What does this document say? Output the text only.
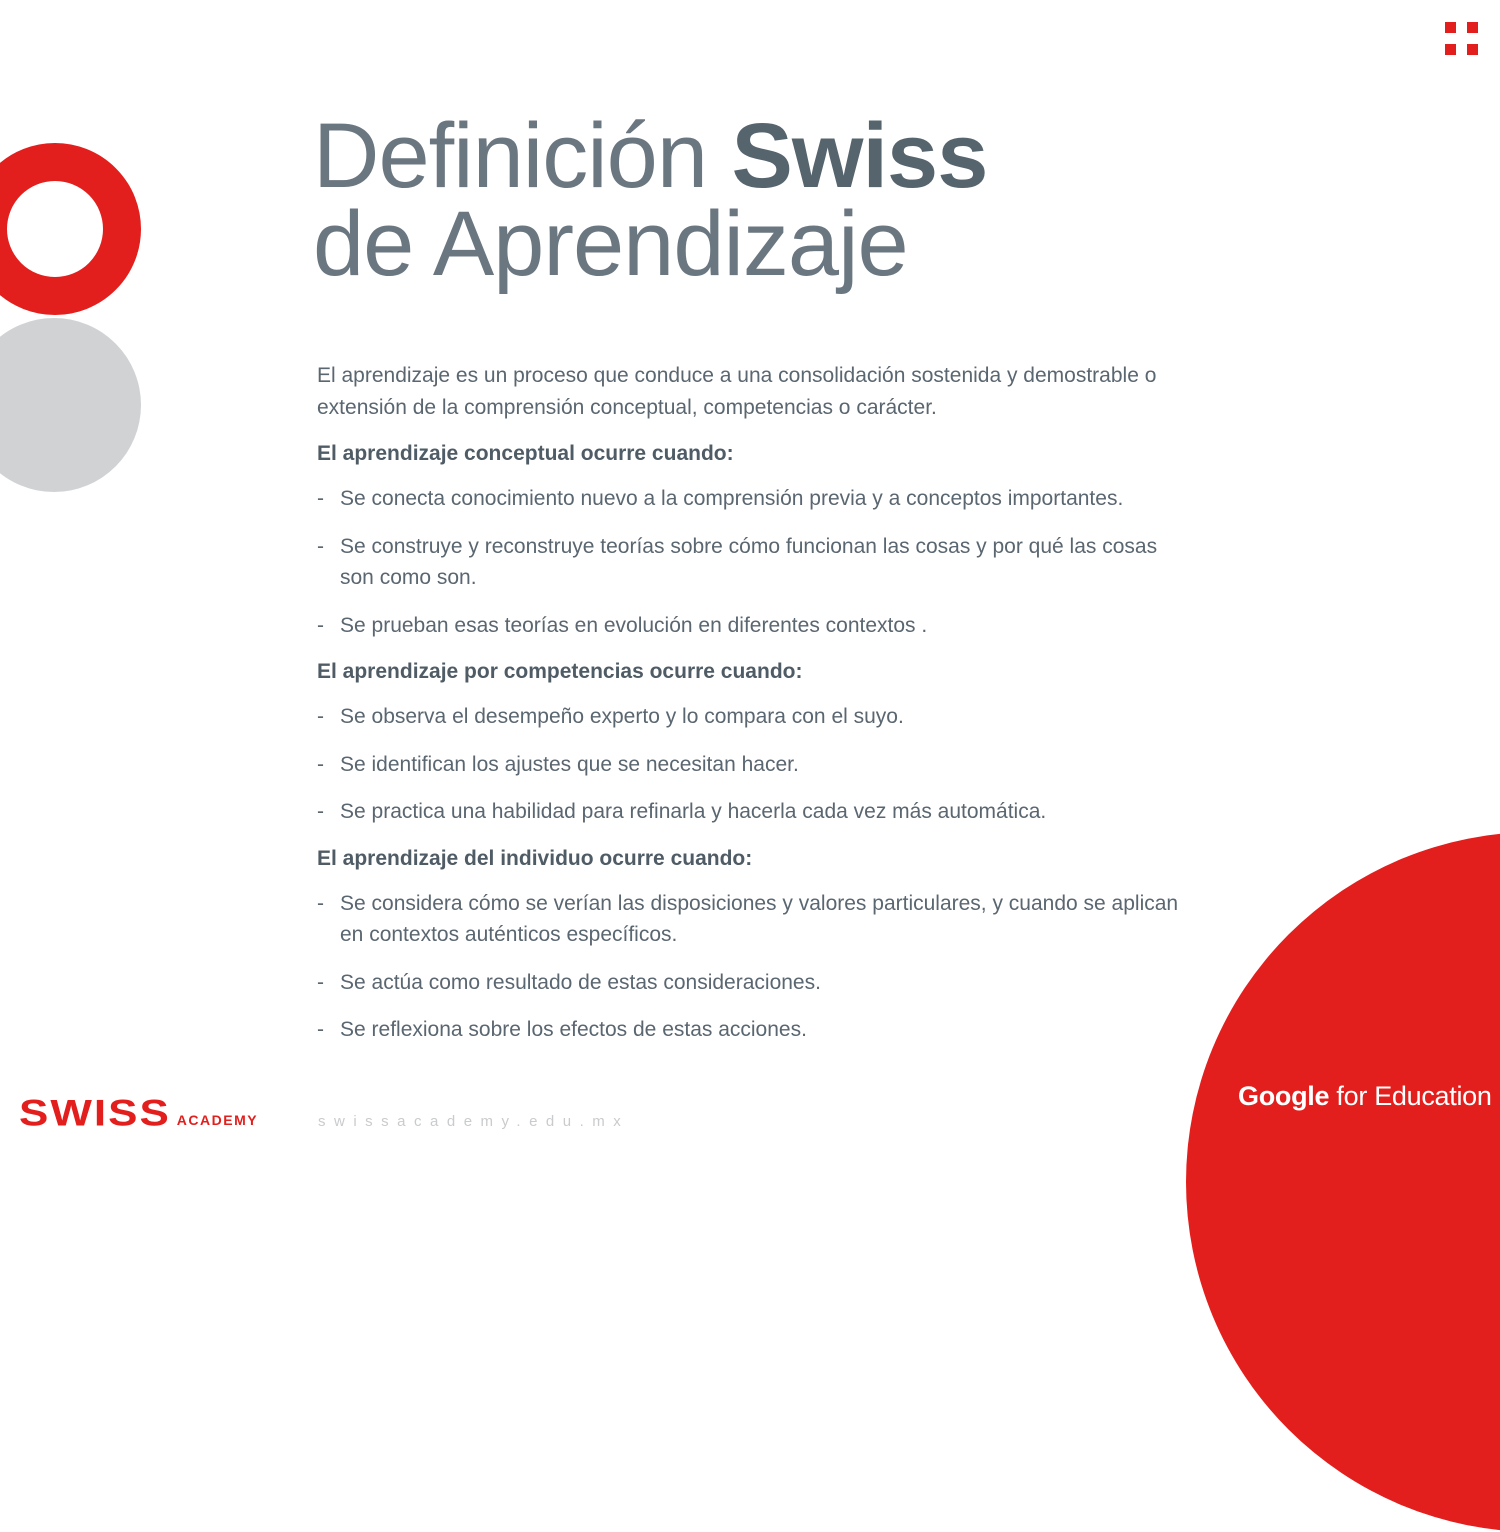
Definición Swiss
de Aprendizaje

El aprendizaje es un proceso que conduce a una consolidación sostenida y demostrable o extensión de la comprensión conceptual, competencias o carácter.

El aprendizaje conceptual ocurre cuando:
- Se conecta conocimiento nuevo a la comprensión previa y a conceptos importantes.
- Se construye y reconstruye teorías sobre cómo funcionan las cosas y por qué las cosas son como son.
- Se prueban esas teorías en evolución en diferentes contextos .
El aprendizaje por competencias ocurre cuando:
- Se observa el desempeño experto y lo compara con el suyo.
- Se identifican los ajustes que se necesitan hacer.
- Se practica una habilidad para refinarla y hacerla cada vez más automática.
El aprendizaje del individuo ocurre cuando:
- Se considera cómo se verían las disposiciones y valores particulares, y cuando se aplican en contextos auténticos específicos.
- Se actúa como resultado de estas consideraciones.
- Se reflexiona sobre los efectos de estas acciones.
SWISS ACADEMY	swissacademy.edu.mx
Google for Education
